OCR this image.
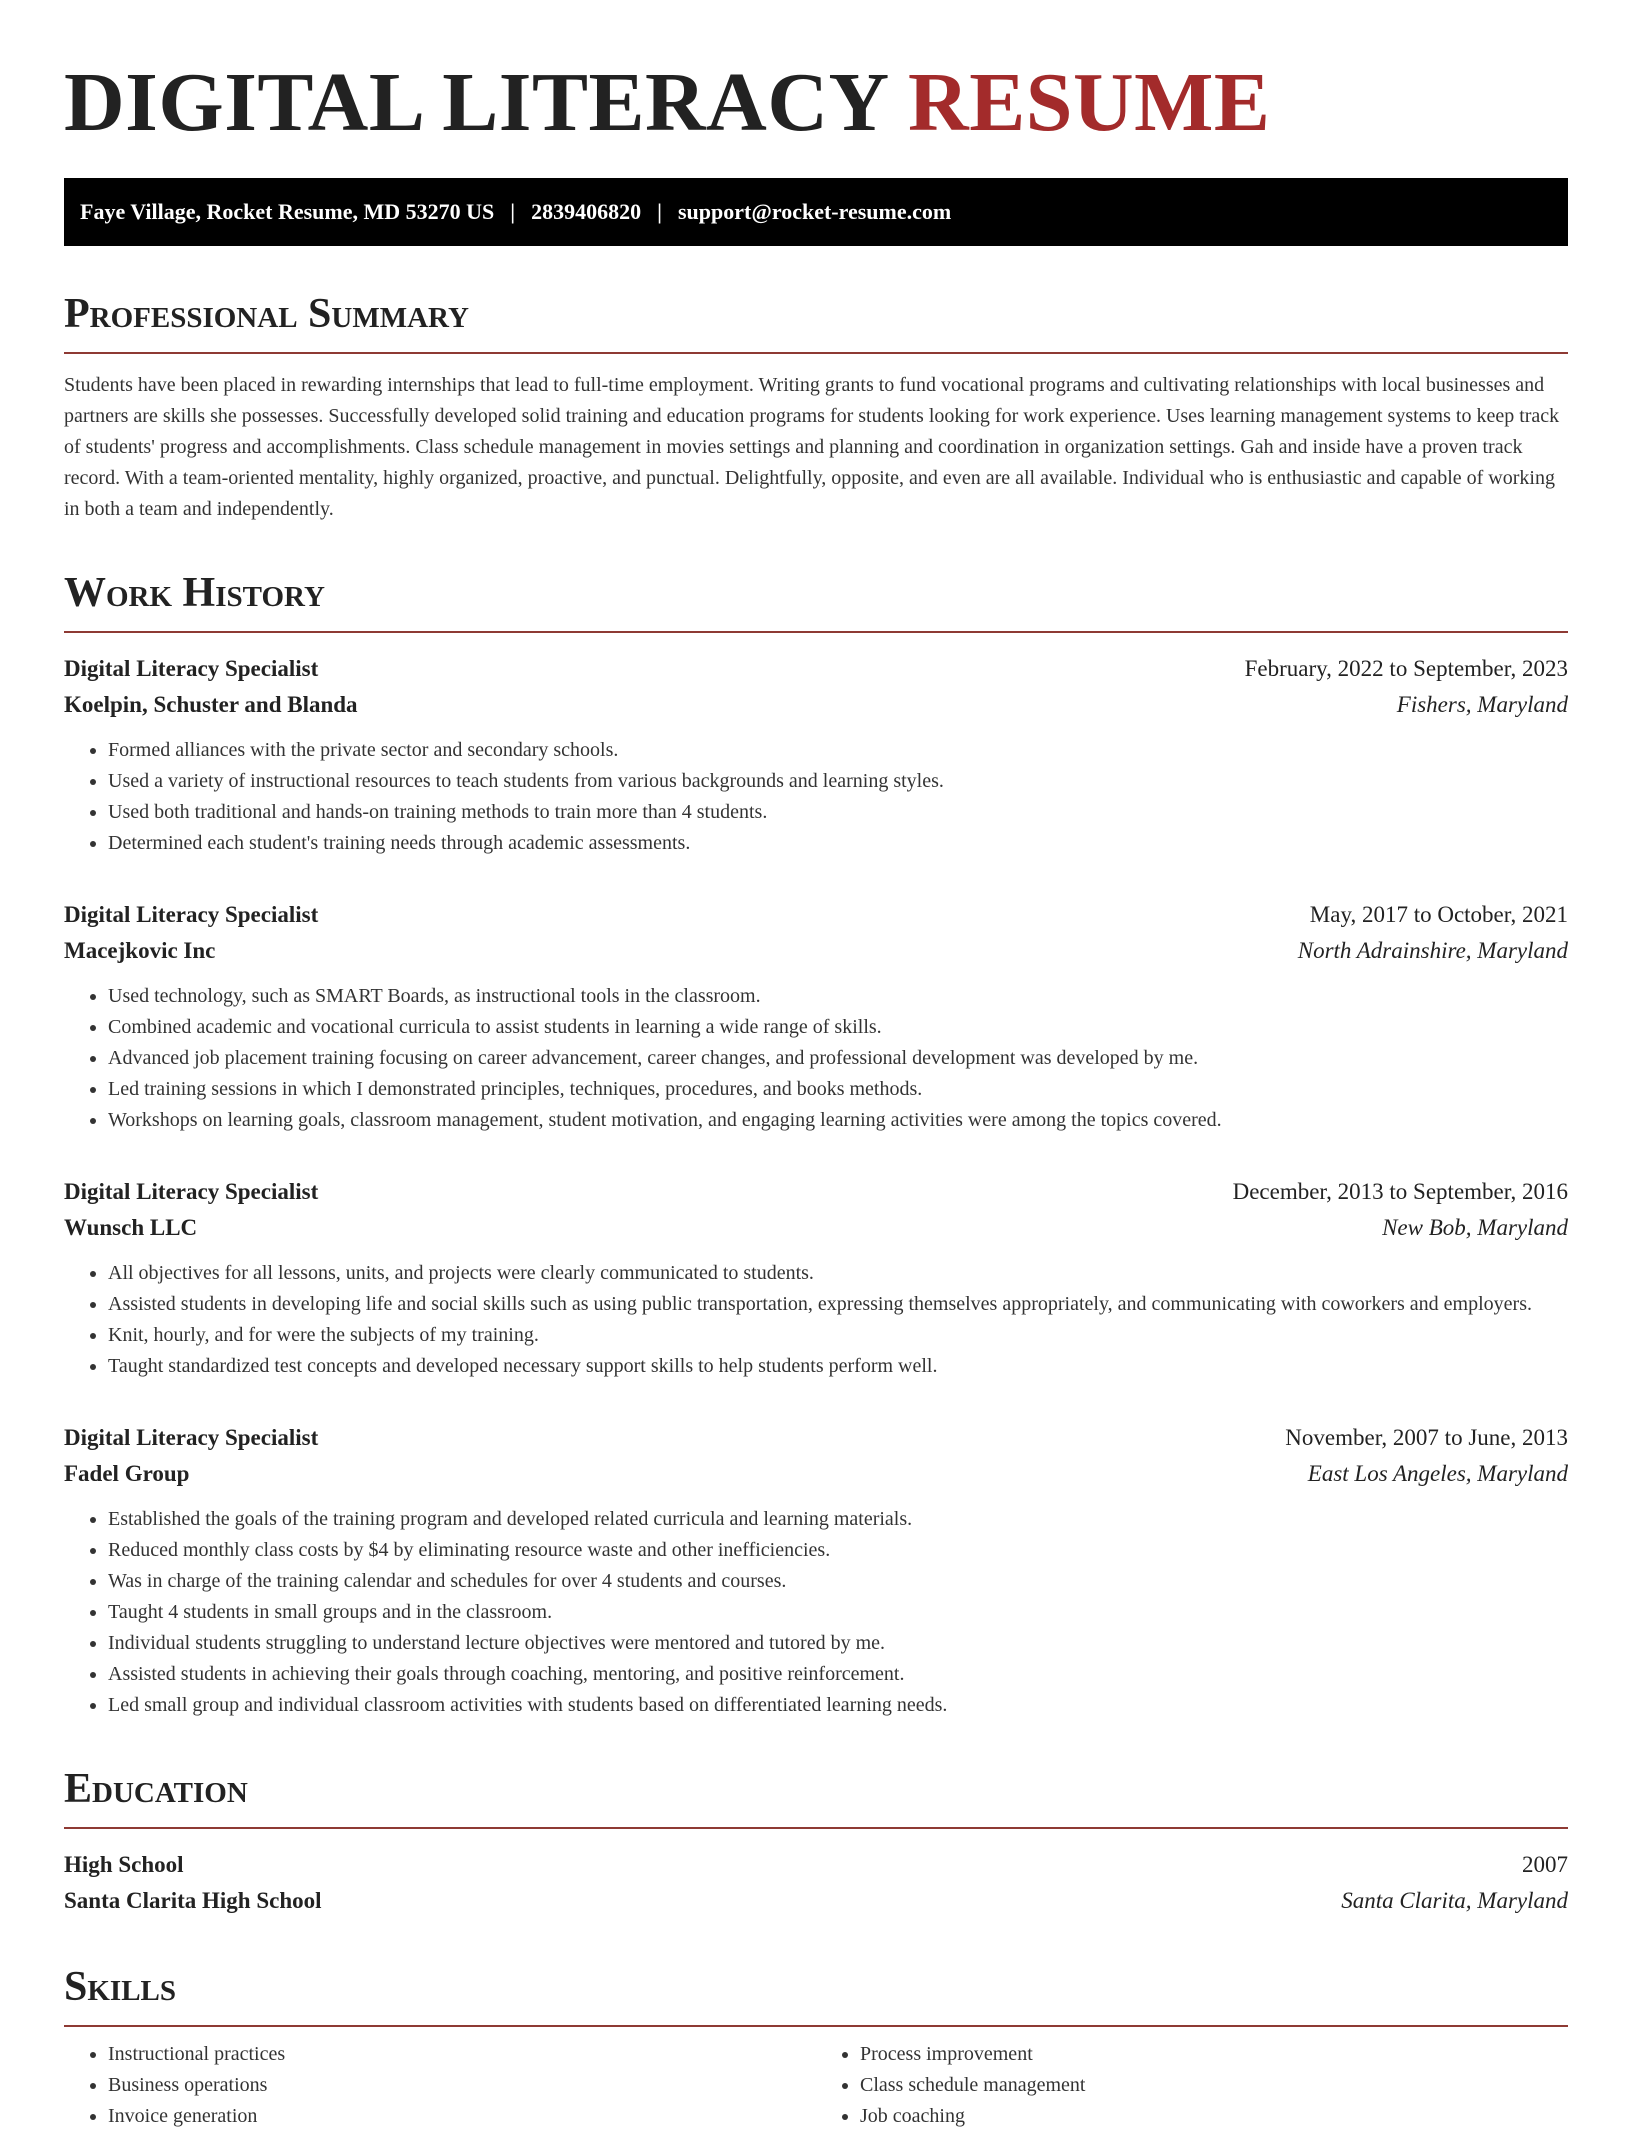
DIGITAL LITERACY RESUME
Faye Village, Rocket Resume, MD 53270 US | 2839406820 | support@rocket-resume.com
Professional Summary

Students have been placed in rewarding internships that lead to full-time employment. Writing grants to fund vocational programs and cultivating relationships with local businesses and partners are skills she possesses. Successfully developed solid training and education programs for students looking for work experience. Uses learning management systems to keep track of students' progress and accomplishments. Class schedule management in movies settings and planning and coordination in organization settings. Gah and inside have a proven track record. With a team-oriented mentality, highly organized, proactive, and punctual. Delightfully, opposite, and even are all available. Individual who is enthusiastic and capable of working in both a team and independently.

Work History
Digital Literacy Specialist	February, 2022 to September, 2023
Koelpin, Schuster and Blanda	Fishers, Maryland
• Formed alliances with the private sector and secondary schools.
• Used a variety of instructional resources to teach students from various backgrounds and learning styles.
• Used both traditional and hands-on training methods to train more than 4 students.
• Determined each student's training needs through academic assessments.
Digital Literacy Specialist	May, 2017 to October, 2021
Macejkovic Inc	North Adrainshire, Maryland
• Used technology, such as SMART Boards, as instructional tools in the classroom.
• Combined academic and vocational curricula to assist students in learning a wide range of skills.
• Advanced job placement training focusing on career advancement, career changes, and professional development was developed by me.
• Led training sessions in which I demonstrated principles, techniques, procedures, and books methods.
• Workshops on learning goals, classroom management, student motivation, and engaging learning activities were among the topics covered.
Digital Literacy Specialist	December, 2013 to September, 2016
Wunsch LLC	New Bob, Maryland
• All objectives for all lessons, units, and projects were clearly communicated to students.
• Assisted students in developing life and social skills such as using public transportation, expressing themselves appropriately, and communicating with coworkers and employers.
• Knit, hourly, and for were the subjects of my training.
• Taught standardized test concepts and developed necessary support skills to help students perform well.
Digital Literacy Specialist	November, 2007 to June, 2013
Fadel Group	East Los Angeles, Maryland
• Established the goals of the training program and developed related curricula and learning materials.
• Reduced monthly class costs by $4 by eliminating resource waste and other inefficiencies.
• Was in charge of the training calendar and schedules for over 4 students and courses.
• Taught 4 students in small groups and in the classroom.
• Individual students struggling to understand lecture objectives were mentored and tutored by me.
• Assisted students in achieving their goals through coaching, mentoring, and positive reinforcement.
• Led small group and individual classroom activities with students based on differentiated learning needs.
Education
High School	2007
Santa Clarita High School	Santa Clarita, Maryland
Skills
• Instructional practices
• Business operations
• Invoice generation
• Process improvement
• Class schedule management
• Job coaching
